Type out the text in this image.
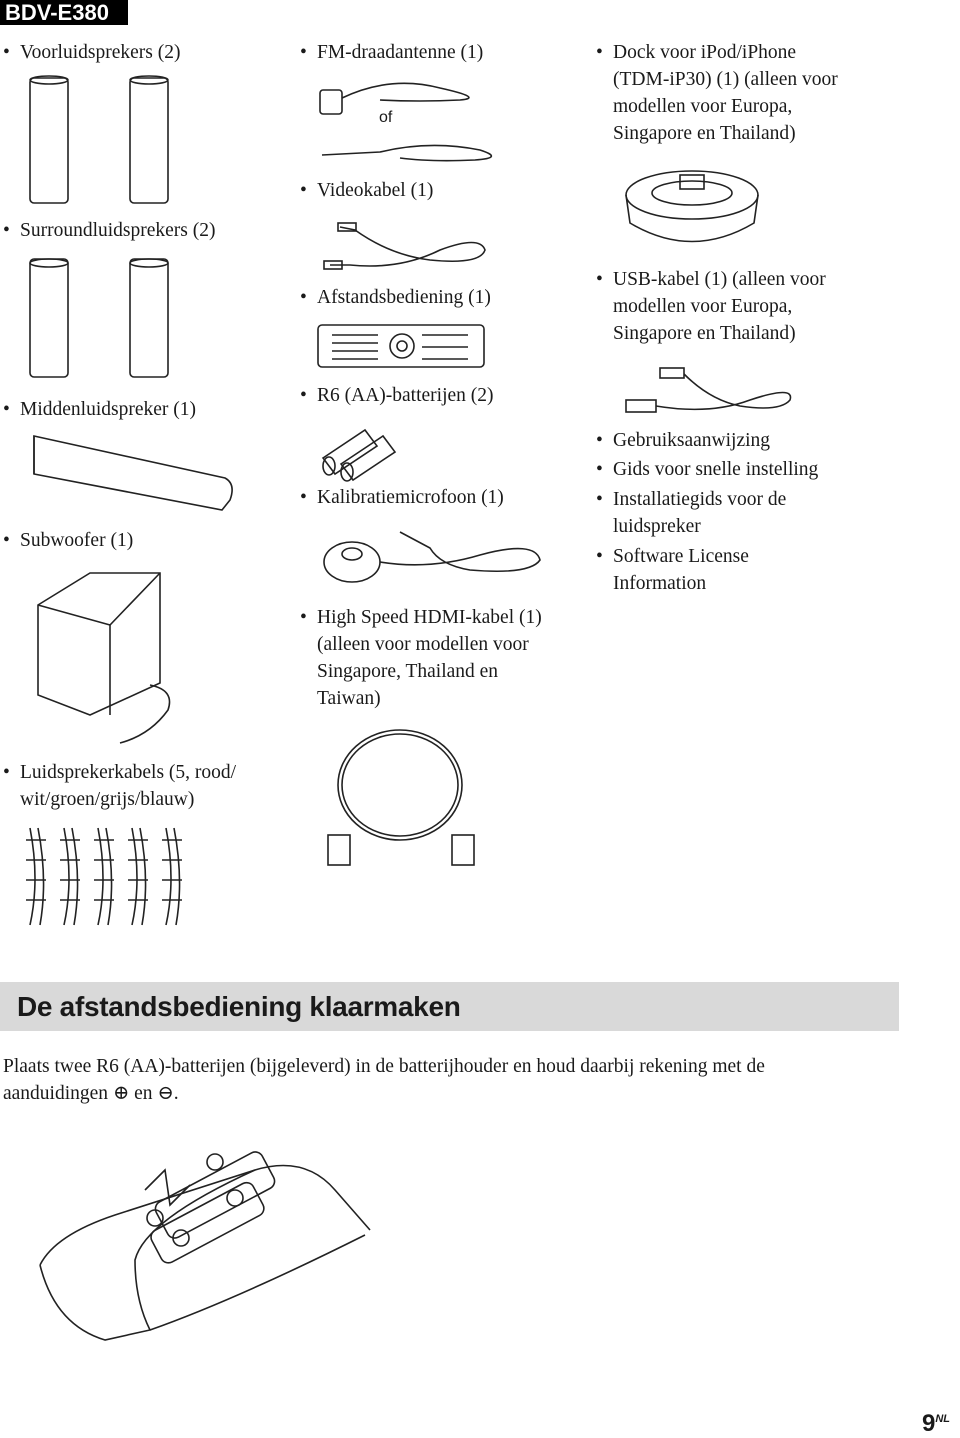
BDV-E380
• Voorluidsprekers (2)
• Surroundluidsprekers (2)
• Middenluidspreker (1)
• Subwoofer (1)
• Luidsprekerkabels (5, rood/
wit/groen/grijs/blauw)
• FM-draadantenne (1)
of
• Videokabel (1)
• Afstandsbediening (1)
• R6 (AA)-batterijen (2)
• Kalibratiemicrofoon (1)
• High Speed HDMI-kabel (1)
(alleen voor modellen voor
Singapore, Thailand en
Taiwan)
• Dock voor iPod/iPhone
(TDM-iP30) (1) (alleen voor
modellen voor Europa,
Singapore en Thailand)
• USB-kabel (1) (alleen voor
modellen voor Europa,
Singapore en Thailand)
• Gebruiksaanwijzing
• Gids voor snelle instelling
• Installatiegids voor de
luidspreker
• Software License
Information
De afstandsbediening klaarmaken
Plaats twee R6 (AA)-batterijen (bijgeleverd) in de batterijhouder en houd daarbij rekening met de
aanduidingen ⊕ en ⊖.
$9^{NL}$
